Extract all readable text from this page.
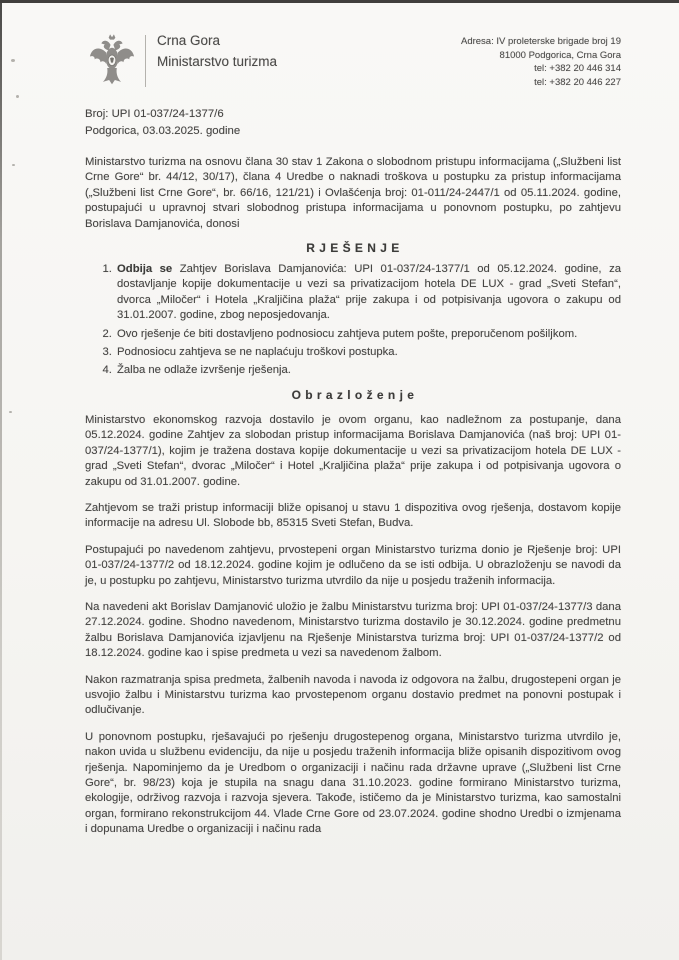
Crna Gora
Ministarstvo turizma
Adresa: IV proleterske brigade broj 19
81000 Podgorica, Crna Gora
tel: +382 20 446 314
tel: +382 20 446 227
Broj: UPI 01-037/24-1377/6
Podgorica, 03.03.2025. godine

Ministarstvo turizma na osnovu člana 30 stav 1 Zakona o slobodnom pristupu informacijama („Službeni list Crne Gore“ br. 44/12, 30/17), člana 4 Uredbe o naknadi troškova u postupku za pristup informacijama („Službeni list Crne Gore“, br. 66/16, 121/21) i Ovlašćenja broj: 01-011/24-2447/1 od 05.11.2024. godine, postupajući u upravnoj stvari slobodnog pristupa informacijama u ponovnom postupku, po zahtjevu Borislava Damjanovića, donosi

R J E Š E N J E
1. Odbija se Zahtjev Borislava Damjanovića: UPI 01-037/24-1377/1 od 05.12.2024. godine, za dostavljanje kopije dokumentacije u vezi sa privatizacijom hotela DE LUX - grad „Sveti Stefan“, dvorca „Miločer“ i Hotela „Kraljičina plaža“ prije zakupa i od potpisivanja ugovora o zakupu od 31.01.2007. godine, zbog neposjedovanja.
2. Ovo rješenje će biti dostavljeno podnosiocu zahtjeva putem pošte, preporučenom pošiljkom.
3. Podnosiocu zahtjeva se ne naplaćuju troškovi postupka.
4. Žalba ne odlaže izvršenje rješenja.
O b r a z l o ž e n j e

Ministarstvo ekonomskog razvoja dostavilo je ovom organu, kao nadležnom za postupanje, dana 05.12.2024. godine Zahtjev za slobodan pristup informacijama Borislava Damjanovića (naš broj: UPI 01-037/24-1377/1), kojim je tražena dostava kopije dokumentacije u vezi sa privatizacijom hotela DE LUX - grad „Sveti Stefan“, dvorac „Miločer“ i Hotel „Kraljičina plaža“ prije zakupa i od potpisivanja ugovora o zakupu od 31.01.2007. godine.

Zahtjevom se traži pristup informaciji bliže opisanoj u stavu 1 dispozitiva ovog rješenja, dostavom kopije informacije na adresu Ul. Slobode bb, 85315 Sveti Stefan, Budva.

Postupajući po navedenom zahtjevu, prvostepeni organ Ministarstvo turizma donio je Rješenje broj: UPI 01-037/24-1377/2 od 18.12.2024. godine kojim je odlučeno da se isti odbija. U obrazloženju se navodi da je, u postupku po zahtjevu, Ministarstvo turizma utvrdilo da nije u posjedu traženih informacija.

Na navedeni akt Borislav Damjanović uložio je žalbu Ministarstvu turizma broj: UPI 01-037/24-1377/3 dana 27.12.2024. godine. Shodno navedenom, Ministarstvo turizma dostavilo je 30.12.2024. godine predmetnu žalbu Borislava Damjanovića izjavljenu na Rješenje Ministarstva turizma broj: UPI 01-037/24-1377/2 od 18.12.2024. godine kao i spise predmeta u vezi sa navedenom žalbom.

Nakon razmatranja spisa predmeta, žalbenih navoda i navoda iz odgovora na žalbu, drugostepeni organ je usvojio žalbu i Ministarstvu turizma kao prvostepenom organu dostavio predmet na ponovni postupak i odlučivanje.

U ponovnom postupku, rješavajući po rješenju drugostepenog organa, Ministarstvo turizma utvrdilo je, nakon uvida u službenu evidenciju, da nije u posjedu traženih informacija bliže opisanih dispozitivom ovog rješenja. Napominjemo da je Uredbom o organizaciji i načinu rada državne uprave („Službeni list Crne Gore“, br. 98/23) koja je stupila na snagu dana 31.10.2023. godine formirano Ministarstvo turizma, ekologije, održivog razvoja i razvoja sjevera. Takođe, ističemo da je Ministarstvo turizma, kao samostalni organ, formirano rekonstrukcijom 44. Vlade Crne Gore od 23.07.2024. godine shodno Uredbi o izmjenama i dopunama Uredbe o organizaciji i načinu rada
